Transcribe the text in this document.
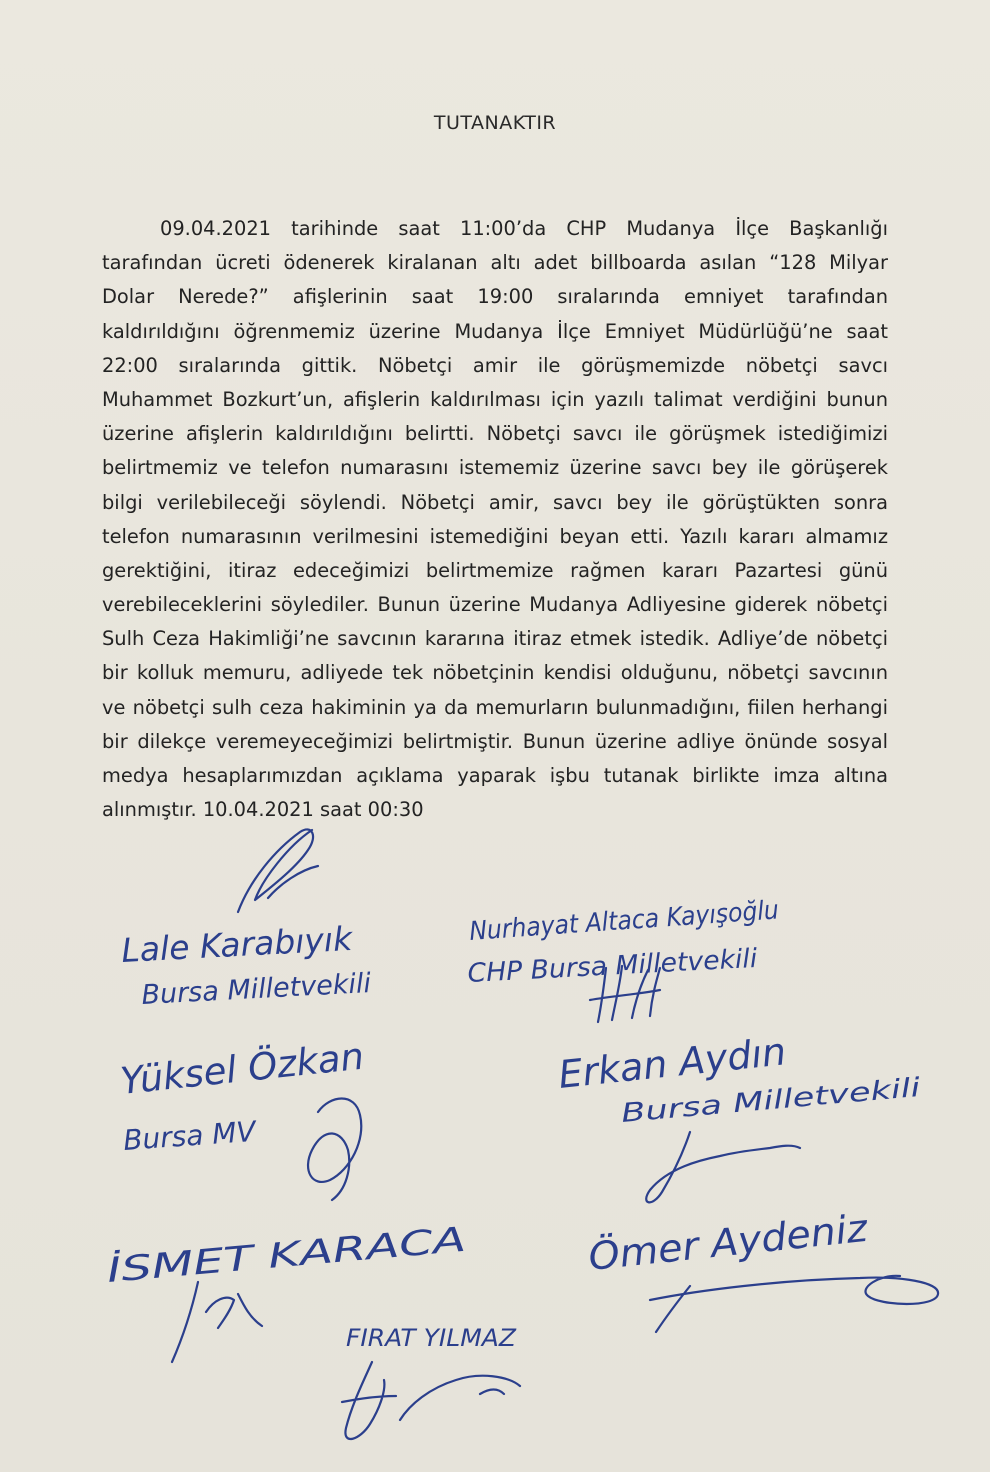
TUTANAKTIR
09.04.2021 tarihinde saat 11:00’da CHP Mudanya İlçe Başkanlığı
tarafından ücreti ödenerek kiralanan altı adet billboarda asılan “128 Milyar
Dolar Nerede?” afişlerinin saat 19:00 sıralarında emniyet tarafından
kaldırıldığını öğrenmemiz üzerine Mudanya İlçe Emniyet Müdürlüğü’ne saat
22:00 sıralarında gittik. Nöbetçi amir ile görüşmemizde nöbetçi savcı
Muhammet Bozkurt’un, afişlerin kaldırılması için yazılı talimat verdiğini bunun
üzerine afişlerin kaldırıldığını belirtti. Nöbetçi savcı ile görüşmek istediğimizi
belirtmemiz ve telefon numarasını istememiz üzerine savcı bey ile görüşerek
bilgi verilebileceği söylendi. Nöbetçi amir, savcı bey ile görüştükten sonra
telefon numarasının verilmesini istemediğini beyan etti. Yazılı kararı almamız
gerektiğini, itiraz edeceğimizi belirtmemize rağmen kararı Pazartesi günü
verebileceklerini söylediler. Bunun üzerine Mudanya Adliyesine giderek nöbetçi
Sulh Ceza Hakimliği’ne savcının kararına itiraz etmek istedik. Adliye’de nöbetçi
bir kolluk memuru, adliyede tek nöbetçinin kendisi olduğunu, nöbetçi savcının
ve nöbetçi sulh ceza hakiminin ya da memurların bulunmadığını, fiilen herhangi
bir dilekçe veremeyeceğimizi belirtmiştir. Bunun üzerine adliye önünde sosyal
medya hesaplarımızdan açıklama yaparak işbu tutanak birlikte imza altına
alınmıştır. 10.04.2021 saat 00:30
Lale Karabıyık
Bursa Milletvekili
Nurhayat Altaca Kayışoğlu
CHP Bursa Milletvekili
Yüksel Özkan
Bursa MV
Erkan Aydın
Bursa Milletvekili
İSMET KARACA	Ömer Aydeniz
FIRAT YILMAZ
